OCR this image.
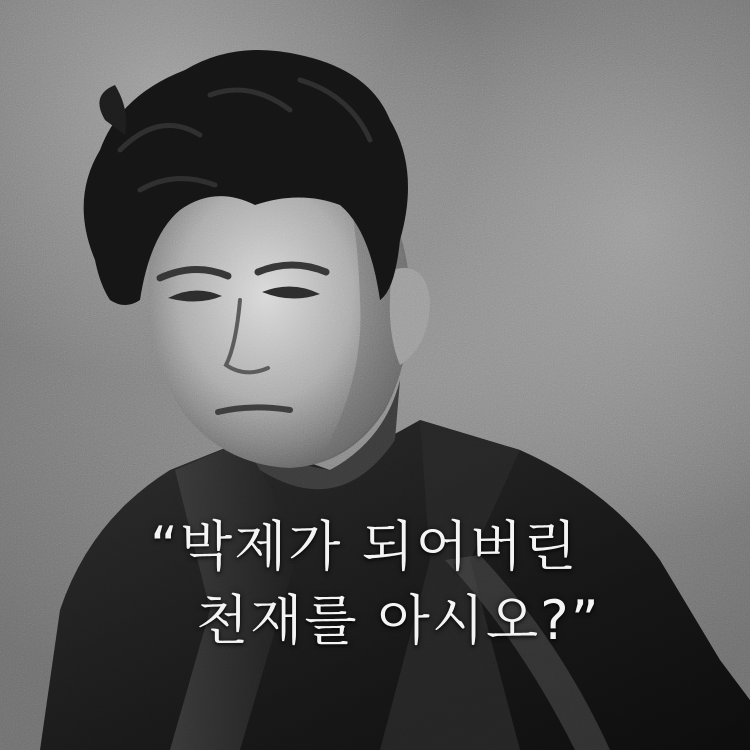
“박제가 되어버린
천재를 아시오?”
